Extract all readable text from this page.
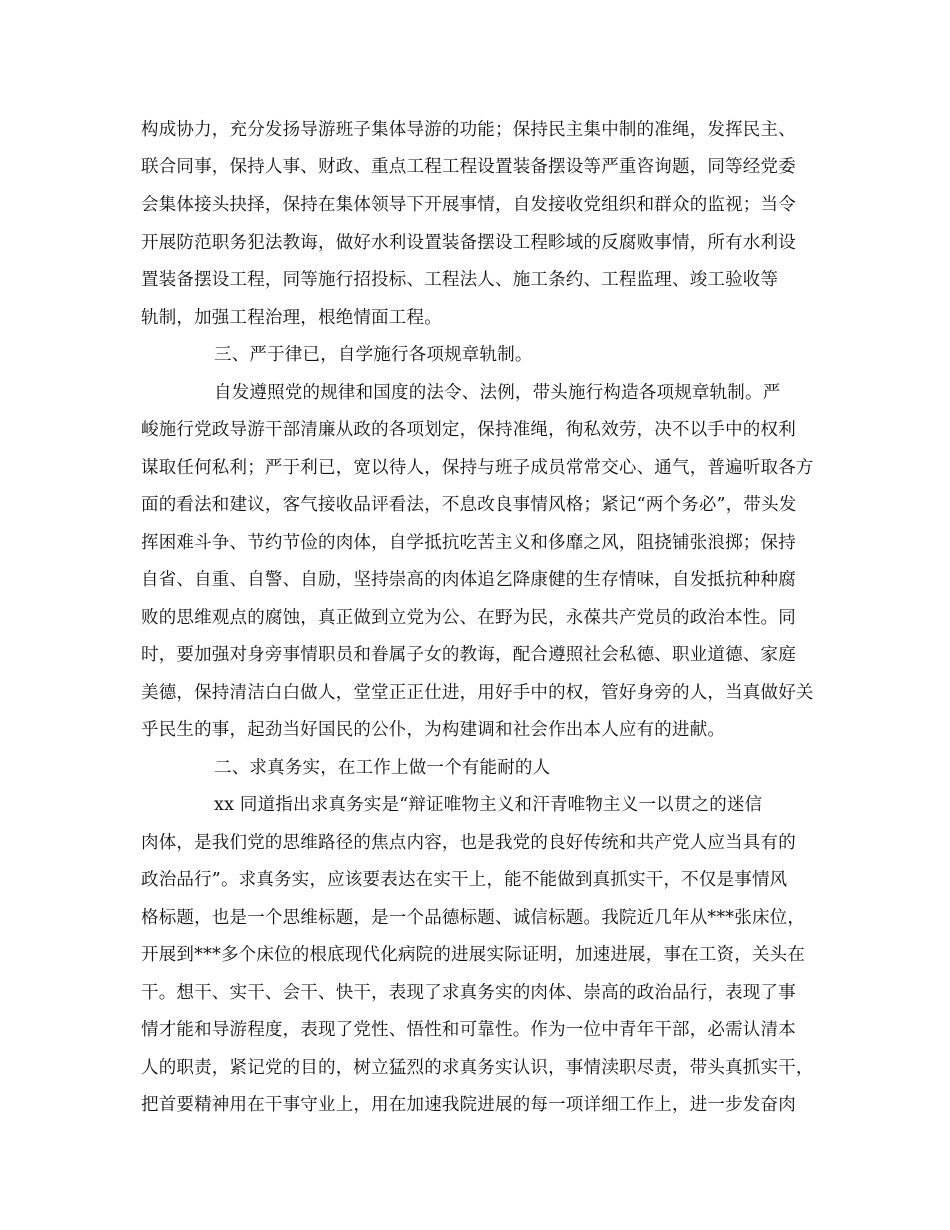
构成协力，充分发扬导游班子集体导游的功能；保持民主集中制的准绳，发挥民主、
联合同事，保持人事、财政、重点工程工程设置装备摆设等严重咨询题，同等经党委
会集体接头抉择，保持在集体领导下开展事情，自发接收党组织和群众的监视；当令
开展防范职务犯法教诲，做好水利设置装备摆设工程畛域的反腐败事情，所有水利设
置装备摆设工程，同等施行招投标、工程法人、施工条约、工程监理、竣工验收等
轨制，加强工程治理，根绝情面工程。
三、严于律已，自学施行各项规章轨制。
自发遵照党的规律和国度的法令、法例，带头施行构造各项规章轨制。严
峻施行党政导游干部清廉从政的各项划定，保持准绳，徇私效劳，决不以手中的权利
谋取任何私利；严于利已，宽以待人，保持与班子成员常常交心、通气，普遍听取各方
面的看法和建议，客气接收品评看法，不息改良事情风格；紧记“两个务必”，带头发
挥困难斗争、节约节俭的肉体，自学抵抗吃苦主义和侈靡之风，阻挠铺张浪掷；保持
自省、自重、自警、自励，坚持崇高的肉体追乞降康健的生存情味，自发抵抗种种腐
败的思维观点的腐蚀，真正做到立党为公、在野为民，永葆共产党员的政治本性。同
时，要加强对身旁事情职员和眷属子女的教诲，配合遵照社会私德、职业道德、家庭
美德，保持清洁白白做人，堂堂正正仕进，用好手中的权，管好身旁的人，当真做好关
乎民生的事，起劲当好国民的公仆，为构建调和社会作出本人应有的进献。
二、求真务实，在工作上做一个有能耐的人
xx 同道指出求真务实是“辩证唯物主义和汗青唯物主义一以贯之的迷信
肉体，是我们党的思维路径的焦点内容，也是我党的良好传统和共产党人应当具有的
政治品行”。求真务实，应该要表达在实干上，能不能做到真抓实干，不仅是事情风
格标题，也是一个思维标题，是一个品德标题、诚信标题。我院近几年从***张床位，
开展到***多个床位的根底现代化病院的进展实际证明，加速进展，事在工资，关头在
干。想干、实干、会干、快干，表现了求真务实的肉体、崇高的政治品行，表现了事
情才能和导游程度，表现了党性、悟性和可靠性。作为一位中青年干部，必需认清本
人的职责，紧记党的目的，树立猛烈的求真务实认识，事情渎职尽责，带头真抓实干，
把首要精神用在干事守业上，用在加速我院进展的每一项详细工作上，进一步发奋肉
